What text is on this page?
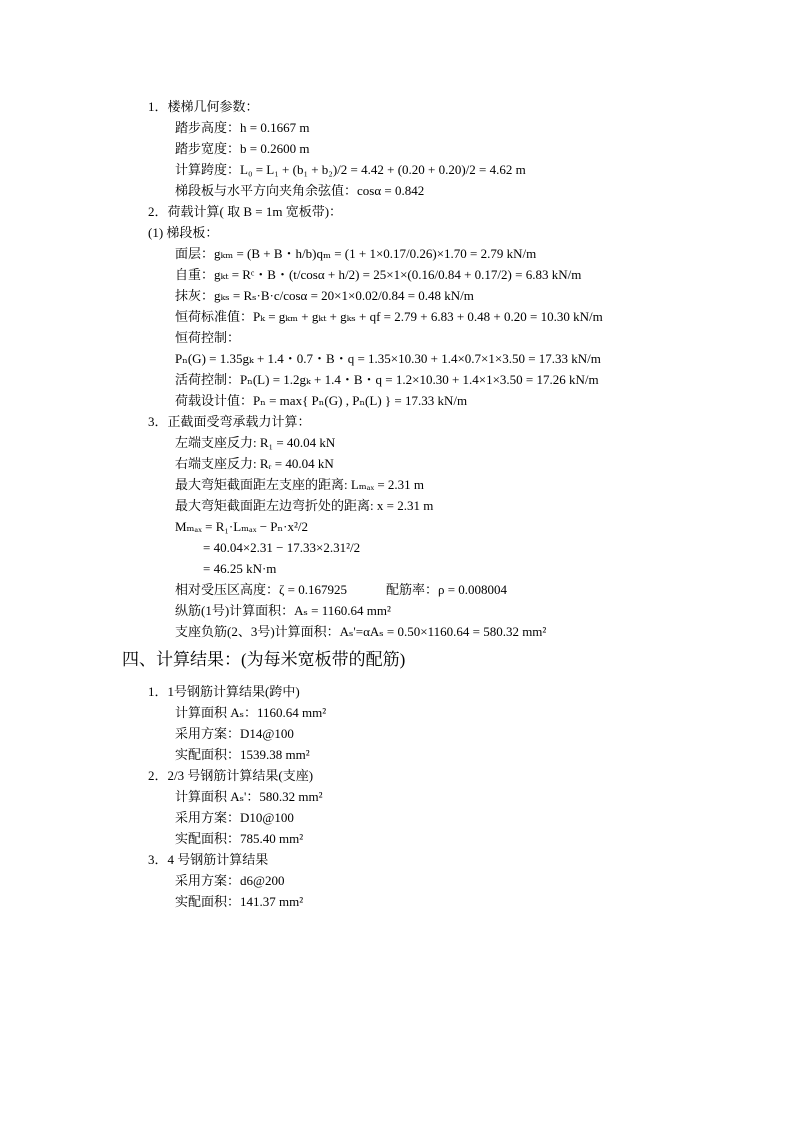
1．楼梯几何参数：
踏步高度：h = 0.1667 m
踏步宽度：b = 0.2600 m
计算跨度：L₀ = L₁ + (b₁ + b₂)/2 = 4.42 + (0.20 + 0.20)/2 = 4.62 m
梯段板与水平方向夹角余弦值：cosα = 0.842
2．荷载计算( 取 B = 1m 宽板带)：
(1) 梯段板：
面层：gₖₘ = (B + B・h/b)qₘ = (1 + 1×0.17/0.26)×1.70 = 2.79 kN/m
自重：gₖₜ = Rᶜ・B・(t/cosα + h/2) = 25×1×(0.16/0.84 + 0.17/2) = 6.83 kN/m
抹灰：gₖₛ = Rₛ·B·c/cosα = 20×1×0.02/0.84 = 0.48 kN/m
恒荷标准值：Pₖ = gₖₘ + gₖₜ + gₖₛ + qf = 2.79 + 6.83 + 0.48 + 0.20 = 10.30 kN/m
恒荷控制：
Pₙ(G) = 1.35gₖ + 1.4・0.7・B・q = 1.35×10.30 + 1.4×0.7×1×3.50 = 17.33 kN/m
活荷控制：Pₙ(L) = 1.2gₖ + 1.4・B・q = 1.2×10.30 + 1.4×1×3.50 = 17.26 kN/m
荷载设计值：Pₙ = max{ Pₙ(G) , Pₙ(L) } = 17.33 kN/m
3．正截面受弯承载力计算：
左端支座反力: R₁ = 40.04 kN
右端支座反力: Rᵣ = 40.04 kN
最大弯矩截面距左支座的距离: Lₘₐₓ = 2.31 m
最大弯矩截面距左边弯折处的距离: x = 2.31 m
Mₘₐₓ = R₁·Lₘₐₓ − Pₙ·x²/2
= 40.04×2.31 − 17.33×2.31²/2
= 46.25 kN·m
相对受压区高度：ζ = 0.167925　　　配筋率：ρ = 0.008004
纵筋(1号)计算面积：Aₛ = 1160.64 mm²
支座负筋(2、3号)计算面积：Aₛ'=αAₛ = 0.50×1160.64 = 580.32 mm²
四、计算结果：(为每米宽板带的配筋)
1．1号钢筋计算结果(跨中)
计算面积 Aₛ：1160.64 mm²
采用方案：D14@100
实配面积：1539.38 mm²
2．2/3 号钢筋计算结果(支座)
计算面积 Aₛ'：580.32 mm²
采用方案：D10@100
实配面积：785.40 mm²
3．4 号钢筋计算结果
采用方案：d6@200
实配面积：141.37 mm²
